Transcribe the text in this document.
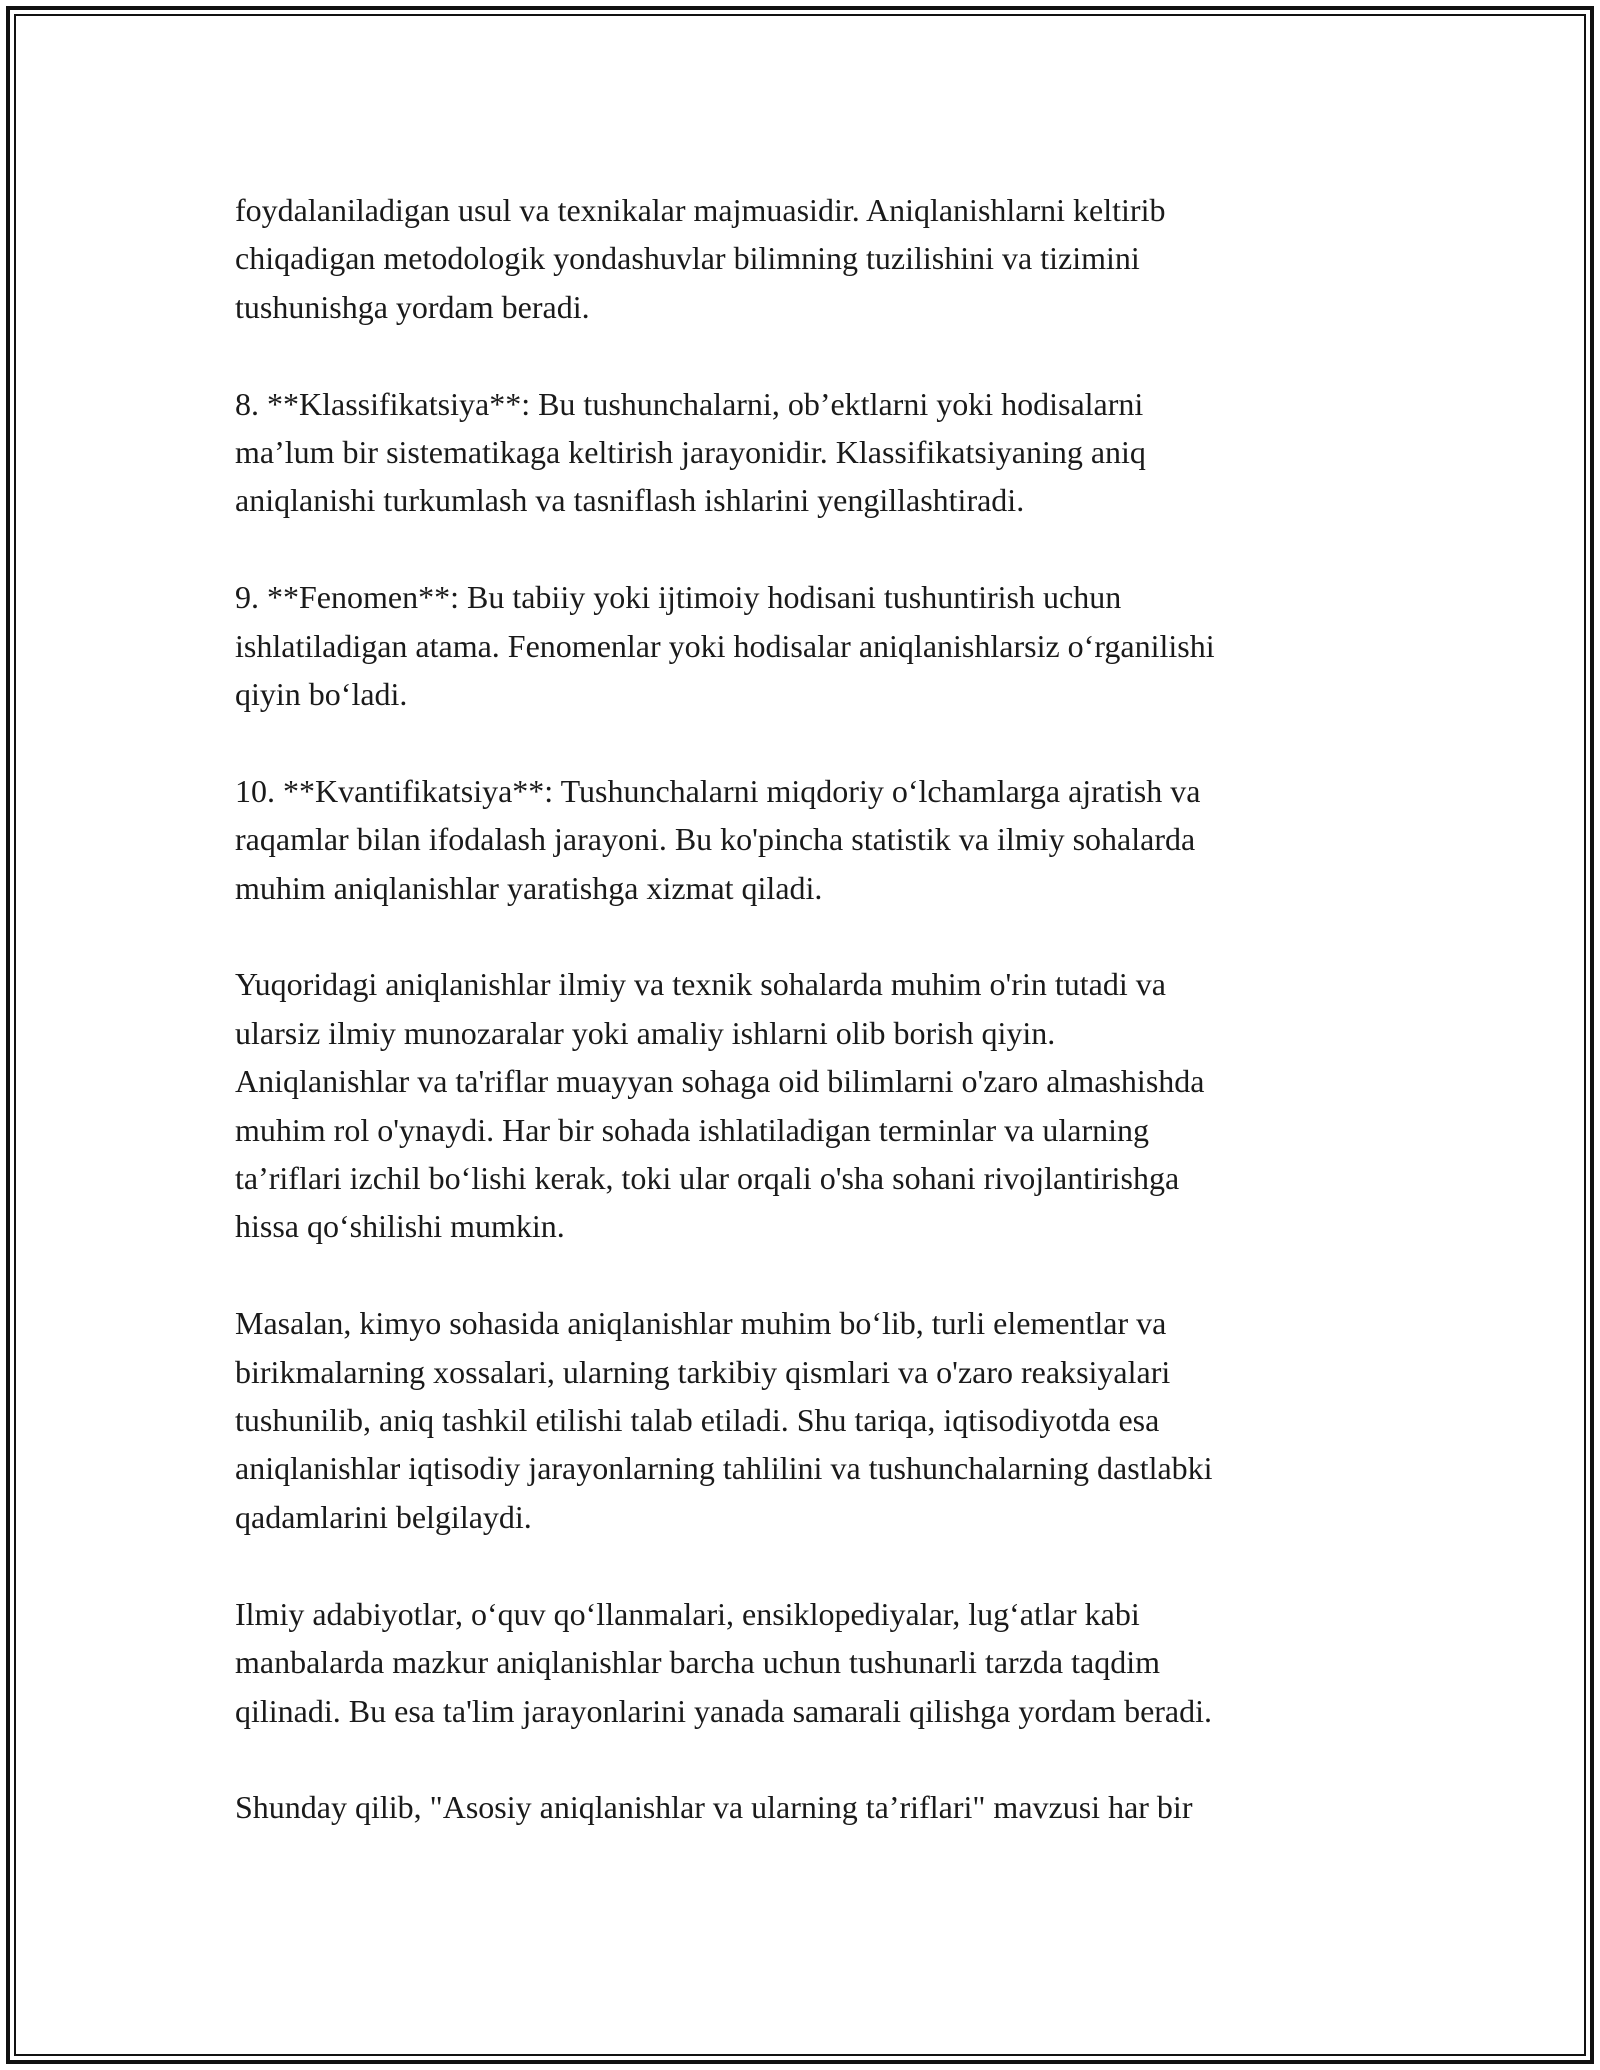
foydalaniladigan usul va texnikalar majmuasidir. Aniqlanishlarni keltirib
chiqadigan metodologik yondashuvlar bilimning tuzilishini va tizimini
tushunishga yordam beradi.

8. **Klassifikatsiya**: Bu tushunchalarni, ob’ektlarni yoki hodisalarni
ma’lum bir sistematikaga keltirish jarayonidir. Klassifikatsiyaning aniq
aniqlanishi turkumlash va tasniflash ishlarini yengillashtiradi.

9. **Fenomen**: Bu tabiiy yoki ijtimoiy hodisani tushuntirish uchun
ishlatiladigan atama. Fenomenlar yoki hodisalar aniqlanishlarsiz o‘rganilishi
qiyin bo‘ladi.

10. **Kvantifikatsiya**: Tushunchalarni miqdoriy o‘lchamlarga ajratish va
raqamlar bilan ifodalash jarayoni. Bu ko'pincha statistik va ilmiy sohalarda
muhim aniqlanishlar yaratishga xizmat qiladi.

Yuqoridagi aniqlanishlar ilmiy va texnik sohalarda muhim o'rin tutadi va
ularsiz ilmiy munozaralar yoki amaliy ishlarni olib borish qiyin.
Aniqlanishlar va ta'riflar muayyan sohaga oid bilimlarni o'zaro almashishda
muhim rol o'ynaydi. Har bir sohada ishlatiladigan terminlar va ularning
ta’riflari izchil bo‘lishi kerak, toki ular orqali o'sha sohani rivojlantirishga
hissa qo‘shilishi mumkin.

Masalan, kimyo sohasida aniqlanishlar muhim bo‘lib, turli elementlar va
birikmalarning xossalari, ularning tarkibiy qismlari va o'zaro reaksiyalari
tushunilib, aniq tashkil etilishi talab etiladi. Shu tariqa, iqtisodiyotda esa
aniqlanishlar iqtisodiy jarayonlarning tahlilini va tushunchalarning dastlabki
qadamlarini belgilaydi.

Ilmiy adabiyotlar, o‘quv qo‘llanmalari, ensiklopediyalar, lug‘atlar kabi
manbalarda mazkur aniqlanishlar barcha uchun tushunarli tarzda taqdim
qilinadi. Bu esa ta'lim jarayonlarini yanada samarali qilishga yordam beradi.

Shunday qilib, "Asosiy aniqlanishlar va ularning ta’riflari" mavzusi har bir
